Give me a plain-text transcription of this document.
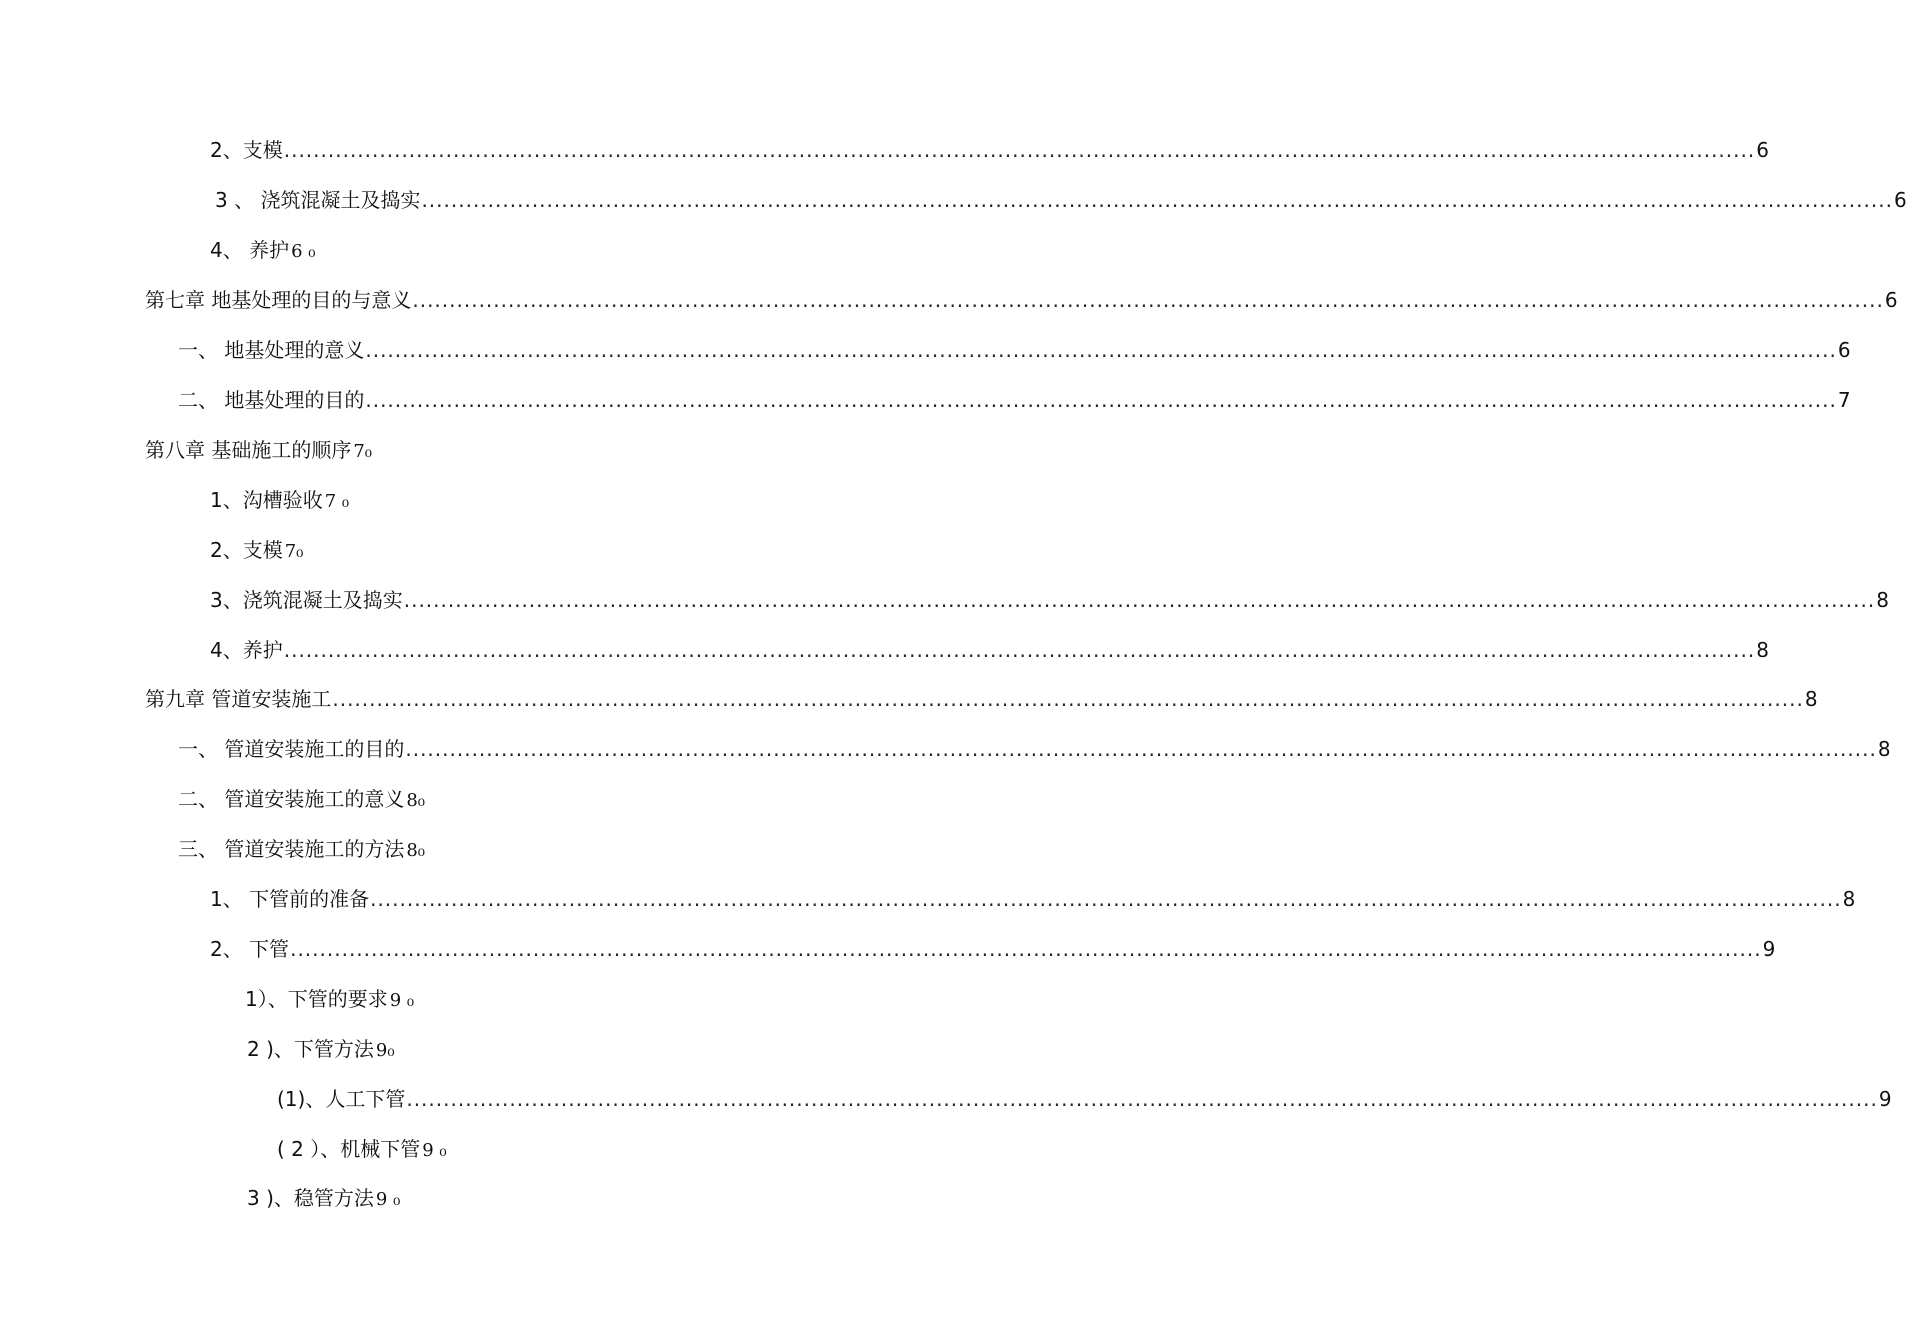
2、支模 ........................................................................................................................................................................................................ 6
3 、 浇筑混凝土及捣实 ........................................................................................................................................................................................................ 6
4、 养护 6 ₀
第七章 地基处理的目的与意义 ........................................................................................................................................................................................................ 6
一、 地基处理的意义 ........................................................................................................................................................................................................ 6
二、 地基处理的目的 ........................................................................................................................................................................................................ 7
第八章 基础施工的顺序 7₀
1、沟槽验收 7 ₀
2、支模 7₀
3、浇筑混凝土及捣实 ........................................................................................................................................................................................................ 8
4、养护 ........................................................................................................................................................................................................ 8
第九章 管道安装施工 ........................................................................................................................................................................................................ 8
一、 管道安装施工的目的 ........................................................................................................................................................................................................ 8
二、 管道安装施工的意义 8₀
三、 管道安装施工的方法 8₀
1、 下管前的准备 ........................................................................................................................................................................................................ 8
2、 下管 ........................................................................................................................................................................................................ 9
1）、下管的要求 9 ₀
2 )、下管方法 9₀
(1)、人工下管 ........................................................................................................................................................................................................ 9
( 2 ）、机械下管 9 ₀
3 )、稳管方法 9 ₀
